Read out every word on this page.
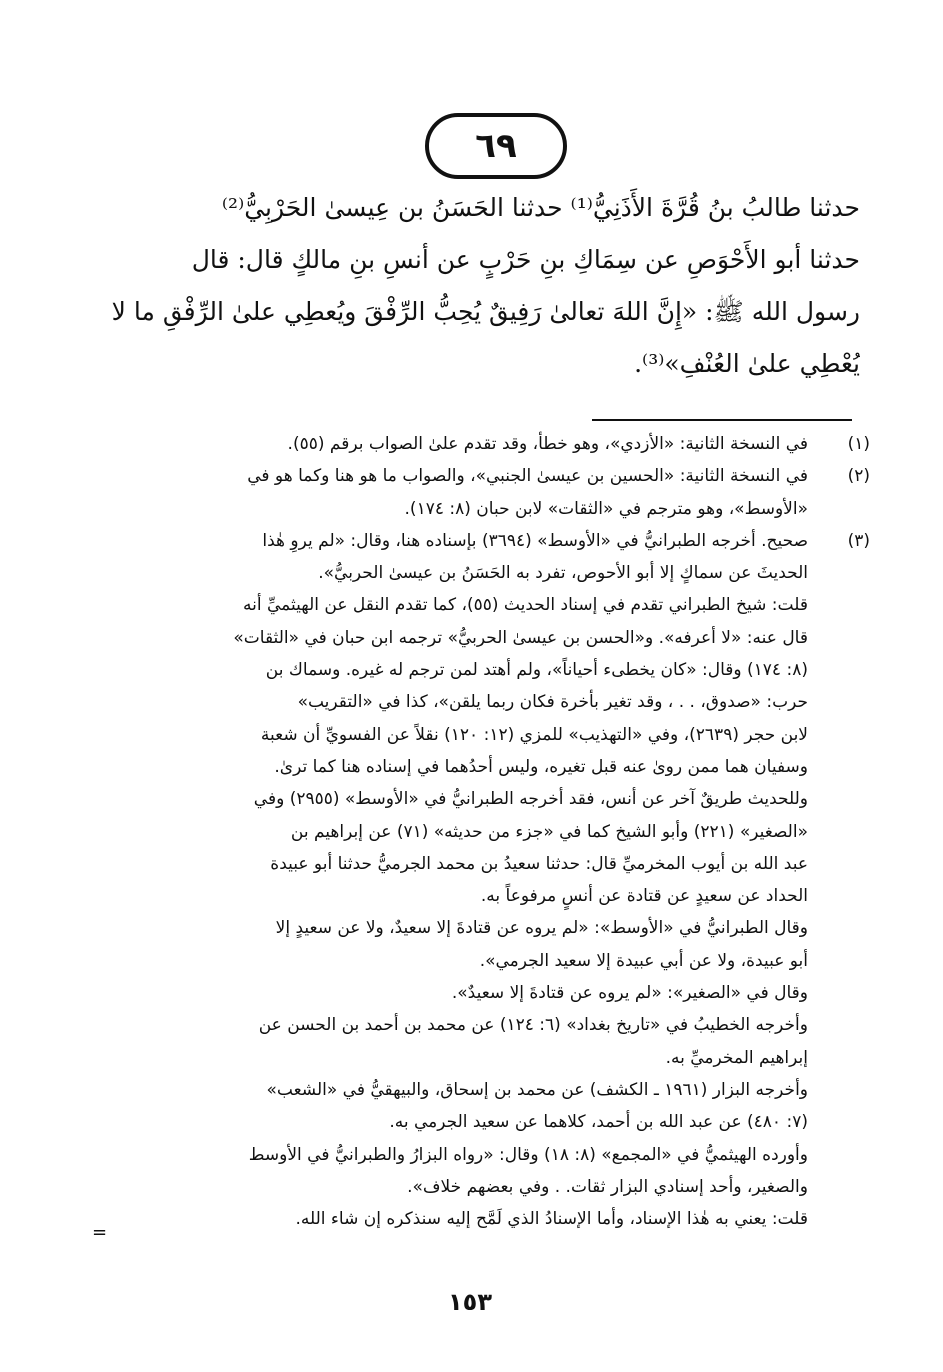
٦٩
حدثنا طالبُ بنُ قُرَّةَ الأَذَنِيُّ⁽¹⁾ حدثنا الحَسَنُ بن عِيسىٰ الحَرْبِيُّ⁽²⁾
حدثنا أبو الأَحْوَصِ عن سِمَاكِ بنِ حَرْبٍ عن أنسِ بنِ مالكٍ قال: قال
رسول الله ﷺ: «إِنَّ اللهَ تعالىٰ رَفِيقٌ يُحِبُّ الرِّفْقَ ويُعطِي علىٰ الرِّفْقِ ما لا
يُعْطِي علىٰ العُنْفِ»⁽³⁾.
(١)
في النسخة الثانية: «الأزدي»، وهو خطأ، وقد تقدم علىٰ الصواب برقم (٥٥).
(٢)
في النسخة الثانية: «الحسين بن عيسىٰ الجنبي»، والصواب ما هو هنا وكما هو في
«الأوسط»، وهو مترجم في «الثقات» لابن حبان (٨: ١٧٤).
(٣)
صحيح. أخرجه الطبرانيُّ في «الأوسط» (٣٦٩٤) بإسناده هنا، وقال: «لم يروِ هٰذا
الحديثَ عن سماكٍ إلا أبو الأحوص، تفرد به الحَسَنُ بن عيسىٰ الحربيُّ».
قلت: شيخ الطبراني تقدم في إسناد الحديث (٥٥)، كما تقدم النقل عن الهيثميِّ أنه
قال عنه: «لا أعرفه». و«الحسن بن عيسىٰ الحربيُّ» ترجمه ابن حبان في «الثقات»
(٨: ١٧٤) وقال: «كان يخطىء أحياناً»، ولم أهتد لمن ترجم له غيره. وسماك بن
حرب: «صدوق، . . ، وقد تغير بأخرة فكان ربما يلقن»، كذا في «التقريب»
لابن حجر (٢٦٣٩)، وفي «التهذيب» للمزي (١٢: ١٢٠) نقلاً عن الفسويِّ أن شعبة
وسفيان هما ممن روىٰ عنه قبل تغيره، وليس أحدُهما في إسناده هنا كما ترىٰ.
وللحديث طريقٌ آخر عن أنس، فقد أخرجه الطبرانيُّ في «الأوسط» (٢٩٥٥) وفي
«الصغير» (٢٢١) وأبو الشيخ كما في «جزء من حديثه» (٧١) عن إبراهيم بن
عبد الله بن أيوب المخرميِّ قال: حدثنا سعيدُ بن محمد الجرميُّ حدثنا أبو عبيدة
الحداد عن سعيدٍ عن قتادة عن أنسٍ مرفوعاً به.
وقال الطبرانيُّ في «الأوسط»: «لم يروه عن قتادةَ إلا سعيدٌ، ولا عن سعيدٍ إلا
أبو عبيدة، ولا عن أبي عبيدة إلا سعيد الجرمي».
وقال في «الصغير»: «لم يروه عن قتادةَ إلا سعيدٌ».
وأخرجه الخطيبُ في «تاريخ بغداد» (٦: ١٢٤) عن محمد بن أحمد بن الحسن عن
إبراهيم المخرميِّ به.
وأخرجه البزار (١٩٦١ ـ الكشف) عن محمد بن إسحاق، والبيهقيُّ في «الشعب»
(٧: ٤٨٠) عن عبد الله بن أحمد، كلاهما عن سعيد الجرمي به.
وأورده الهيثميُّ في «المجمع» (٨: ١٨) وقال: «رواه البزارُ والطبرانيُّ في الأوسط
والصغير، وأحد إسنادي البزار ثقات. . وفي بعضهم خلاف».
قلت: يعني به هٰذا الإسناد، وأما الإسنادُ الذي لَمَّح إليه سنذكره إن شاء الله.
=
١٥٣
